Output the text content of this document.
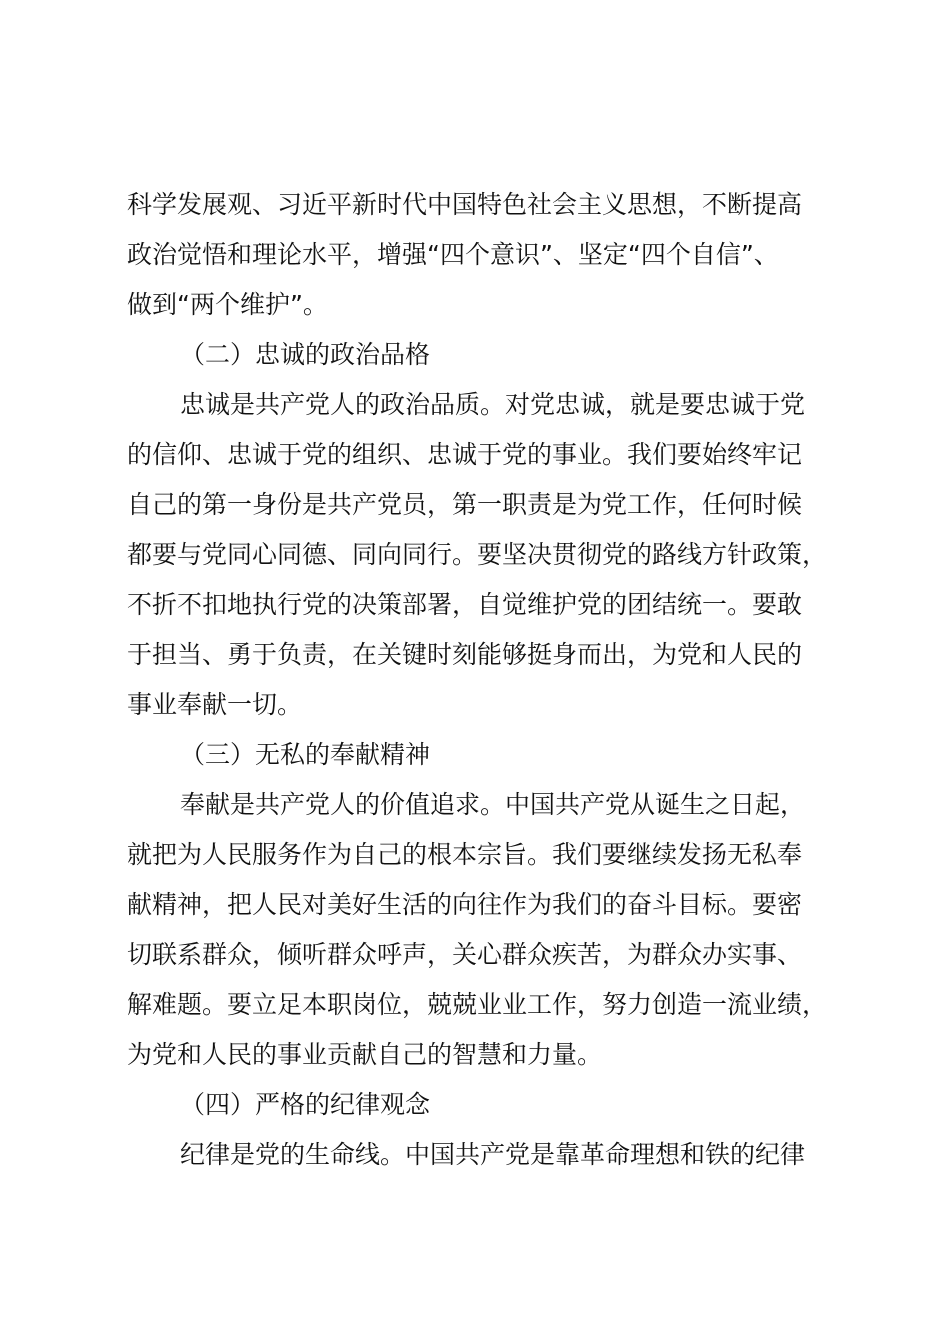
科学发展观、习近平新时代中国特色社会主义思想，不断提高
政治觉悟和理论水平，增强“四个意识”、坚定“四个自信”、
做到“两个维护”。
（二）忠诚的政治品格
忠诚是共产党人的政治品质。对党忠诚，就是要忠诚于党
的信仰、忠诚于党的组织、忠诚于党的事业。我们要始终牢记
自己的第一身份是共产党员，第一职责是为党工作，任何时候
都要与党同心同德、同向同行。要坚决贯彻党的路线方针政策，
不折不扣地执行党的决策部署，自觉维护党的团结统一。要敢
于担当、勇于负责，在关键时刻能够挺身而出，为党和人民的
事业奉献一切。
（三）无私的奉献精神
奉献是共产党人的价值追求。中国共产党从诞生之日起，
就把为人民服务作为自己的根本宗旨。我们要继续发扬无私奉
献精神，把人民对美好生活的向往作为我们的奋斗目标。要密
切联系群众，倾听群众呼声，关心群众疾苦，为群众办实事、
解难题。要立足本职岗位，兢兢业业工作，努力创造一流业绩，
为党和人民的事业贡献自己的智慧和力量。
（四）严格的纪律观念
纪律是党的生命线。中国共产党是靠革命理想和铁的纪律
